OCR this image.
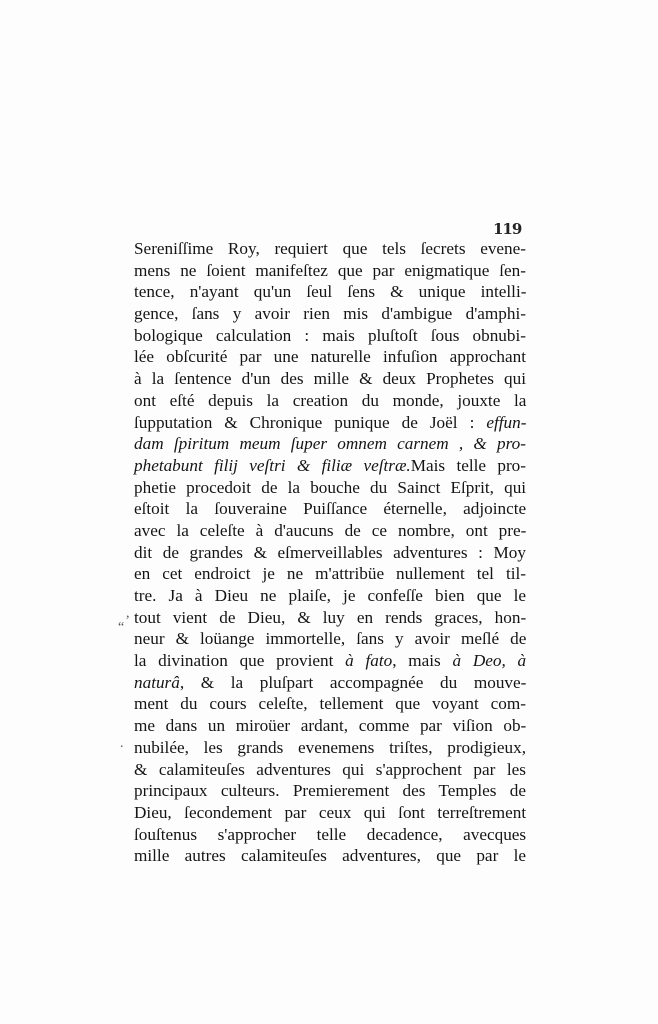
119
,
“
.
Sereniſſime Roy, requiert que tels ſecrets evene-
mens ne ſoient manifeſtez que par enigmatique ſen-
tence, n'ayant qu'un ſeul ſens & unique intelli-
gence, ſans y avoir rien mis d'ambigue d'amphi-
bologique calculation : mais pluſtoſt ſous obnubi-
lée obſcurité par une naturelle infuſion approchant
à la ſentence d'un des mille & deux Prophetes qui
ont eſté depuis la creation du monde, jouxte la
ſupputation & Chronique punique de Joël : effun-
dam ſpiritum meum ſuper omnem carnem , & pro-
phetabunt filij veſtri & filiæ veſtræ.Mais telle pro-
phetie procedoit de la bouche du Sainct Eſprit, qui
eſtoit la ſouveraine Puiſſance éternelle, adjoincte
avec la celeſte à d'aucuns de ce nombre, ont pre-
dit de grandes & eſmerveillables adventures : Moy
en cet endroict je ne m'attribüe nullement tel til-
tre. Ja à Dieu ne plaiſe, je confeſſe bien que le
tout vient de Dieu, & luy en rends graces, hon-
neur & loüange immortelle, ſans y avoir meſlé de
la divination que provient à fato, mais à Deo, à
naturâ, & la pluſpart accompagnée du mouve-
ment du cours celeſte, tellement que voyant com-
me dans un miroüer ardant, comme par viſion ob-
nubilée, les grands evenemens triſtes, prodigieux,
& calamiteuſes adventures qui s'approchent par les
principaux culteurs. Premierement des Temples de
Dieu, ſecondement par ceux qui ſont terreſtrement
ſouſtenus s'approcher telle decadence, avecques
mille autres calamiteuſes adventures, que par le
